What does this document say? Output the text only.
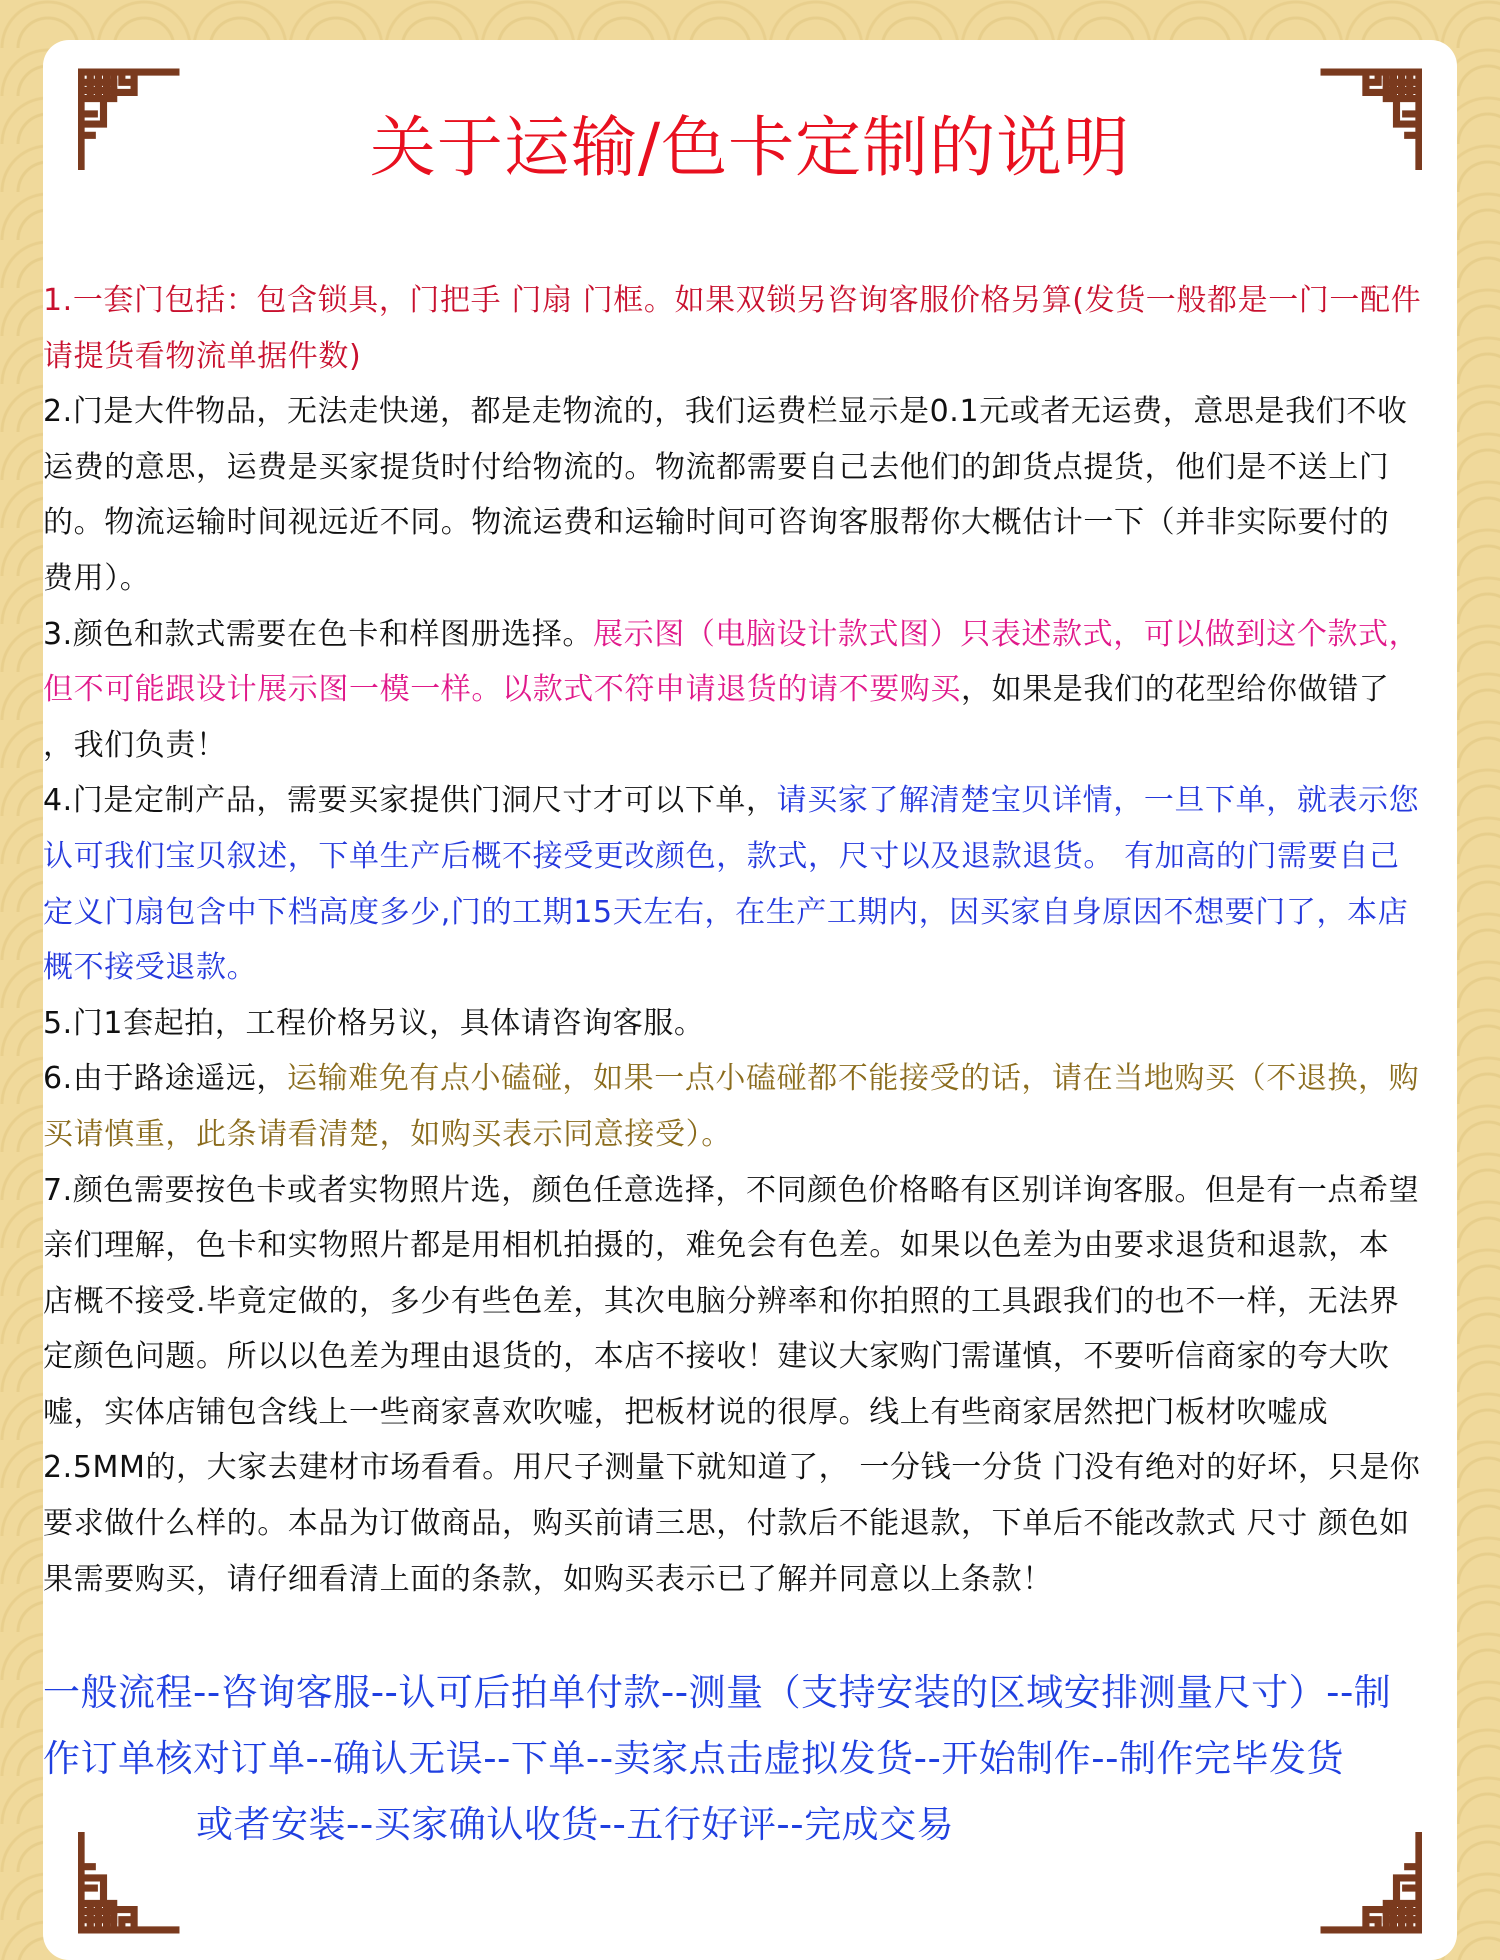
关于运输/色卡定制的说明
1.一套门包括：包含锁具，门把手 门扇 门框。如果双锁另咨询客服价格另算(发货一般都是一门一配件
请提货看物流单据件数)
2.门是大件物品，无法走快递，都是走物流的，我们运费栏显示是0.1元或者无运费，意思是我们不收
运费的意思，运费是买家提货时付给物流的。物流都需要自己去他们的卸货点提货，他们是不送上门
的。物流运输时间视远近不同。物流运费和运输时间可咨询客服帮你大概估计一下（并非实际要付的
费用）。
3.颜色和款式需要在色卡和样图册选择。展示图（电脑设计款式图）只表述款式，可以做到这个款式，
但不可能跟设计展示图一模一样。以款式不符申请退货的请不要购买，如果是我们的花型给你做错了
，我们负责！
4.门是定制产品，需要买家提供门洞尺寸才可以下单，请买家了解清楚宝贝详情，一旦下单，就表示您
认可我们宝贝叙述，下单生产后概不接受更改颜色，款式，尺寸以及退款退货。 有加高的门需要自己
定义门扇包含中下档高度多少,门的工期15天左右，在生产工期内，因买家自身原因不想要门了，本店
概不接受退款。
5.门1套起拍，工程价格另议，具体请咨询客服。
6.由于路途遥远，运输难免有点小磕碰，如果一点小磕碰都不能接受的话，请在当地购买（不退换，购
买请慎重，此条请看清楚，如购买表示同意接受）。
7.颜色需要按色卡或者实物照片选，颜色任意选择，不同颜色价格略有区别详询客服。但是有一点希望
亲们理解，色卡和实物照片都是用相机拍摄的，难免会有色差。如果以色差为由要求退货和退款，本
店概不接受.毕竟定做的，多少有些色差，其次电脑分辨率和你拍照的工具跟我们的也不一样，无法界
定颜色问题。所以以色差为理由退货的，本店不接收！建议大家购门需谨慎，不要听信商家的夸大吹
嘘，实体店铺包含线上一些商家喜欢吹嘘，把板材说的很厚。线上有些商家居然把门板材吹嘘成
2.5MM的，大家去建材市场看看。用尺子测量下就知道了， 一分钱一分货 门没有绝对的好坏，只是你
要求做什么样的。本品为订做商品，购买前请三思，付款后不能退款，下单后不能改款式 尺寸 颜色如
果需要购买，请仔细看清上面的条款，如购买表示已了解并同意以上条款！
一般流程--咨询客服--认可后拍单付款--测量（支持安装的区域安排测量尺寸）--制
作订单核对订单--确认无误--下单--卖家点击虚拟发货--开始制作--制作完毕发货
或者安装--买家确认收货--五行好评--完成交易
